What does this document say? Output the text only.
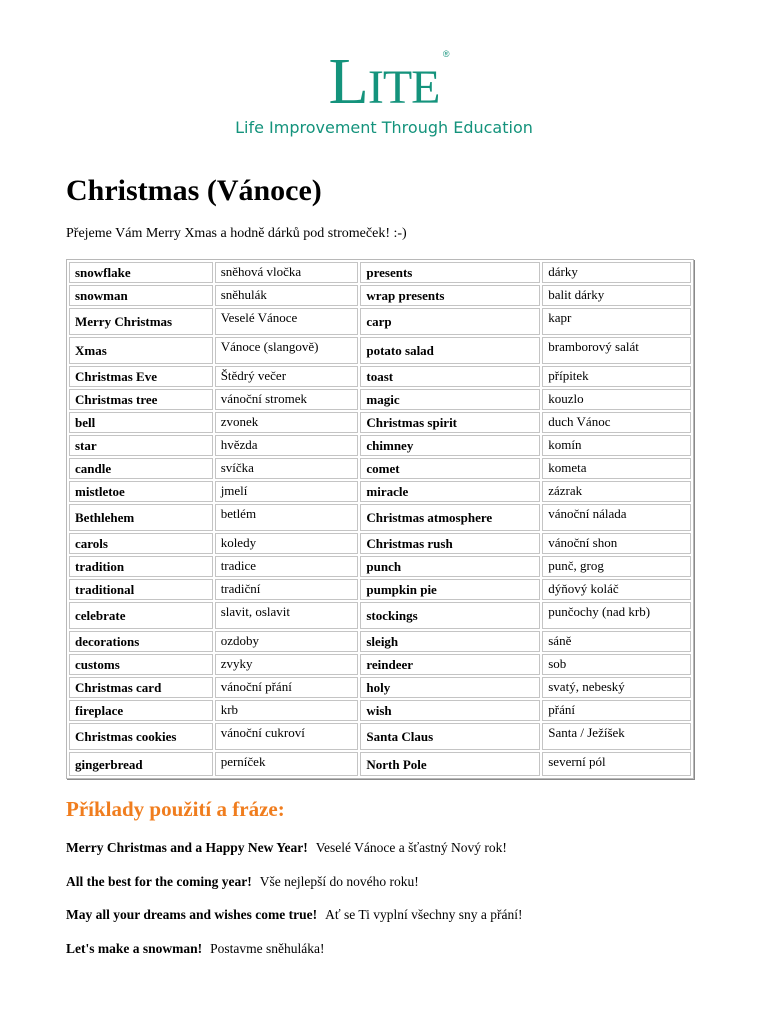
LITE
®
Life Improvement Through Education
Christmas (Vánoce)

Přejeme Vám Merry Xmas a hodně dárků pod stromeček! :-)

snowflake	sněhová vločka	presents	dárky
snowman	sněhulák	wrap presents	balit dárky
Merry Christmas	Veselé Vánoce	carp	kapr
Xmas	Vánoce (slangově)	potato salad	bramborový salát
Christmas Eve	Štědrý večer	toast	přípitek
Christmas tree	vánoční stromek	magic	kouzlo
bell	zvonek	Christmas spirit	duch Vánoc
star	hvězda	chimney	komín
candle	svíčka	comet	kometa
mistletoe	jmelí	miracle	zázrak
Bethlehem	betlém	Christmas atmosphere	vánoční nálada
carols	koledy	Christmas rush	vánoční shon
tradition	tradice	punch	punč, grog
traditional	tradiční	pumpkin pie	dýňový koláč
celebrate	slavit, oslavit	stockings	punčochy (nad krb)
decorations	ozdoby	sleigh	sáně
customs	zvyky	reindeer	sob
Christmas card	vánoční přání	holy	svatý, nebeský
fireplace	krb	wish	přání
Christmas cookies	vánoční cukroví	Santa Claus	Santa / Ježíšek
gingerbread	perníček	North Pole	severní pól
Příklady použití a fráze:

Merry Christmas and a Happy New Year! Veselé Vánoce a šťastný Nový rok!

All the best for the coming year! Vše nejlepší do nového roku!

May all your dreams and wishes come true! Ať se Ti vyplní všechny sny a přání!

Let's make a snowman! Postavme sněhuláka!
